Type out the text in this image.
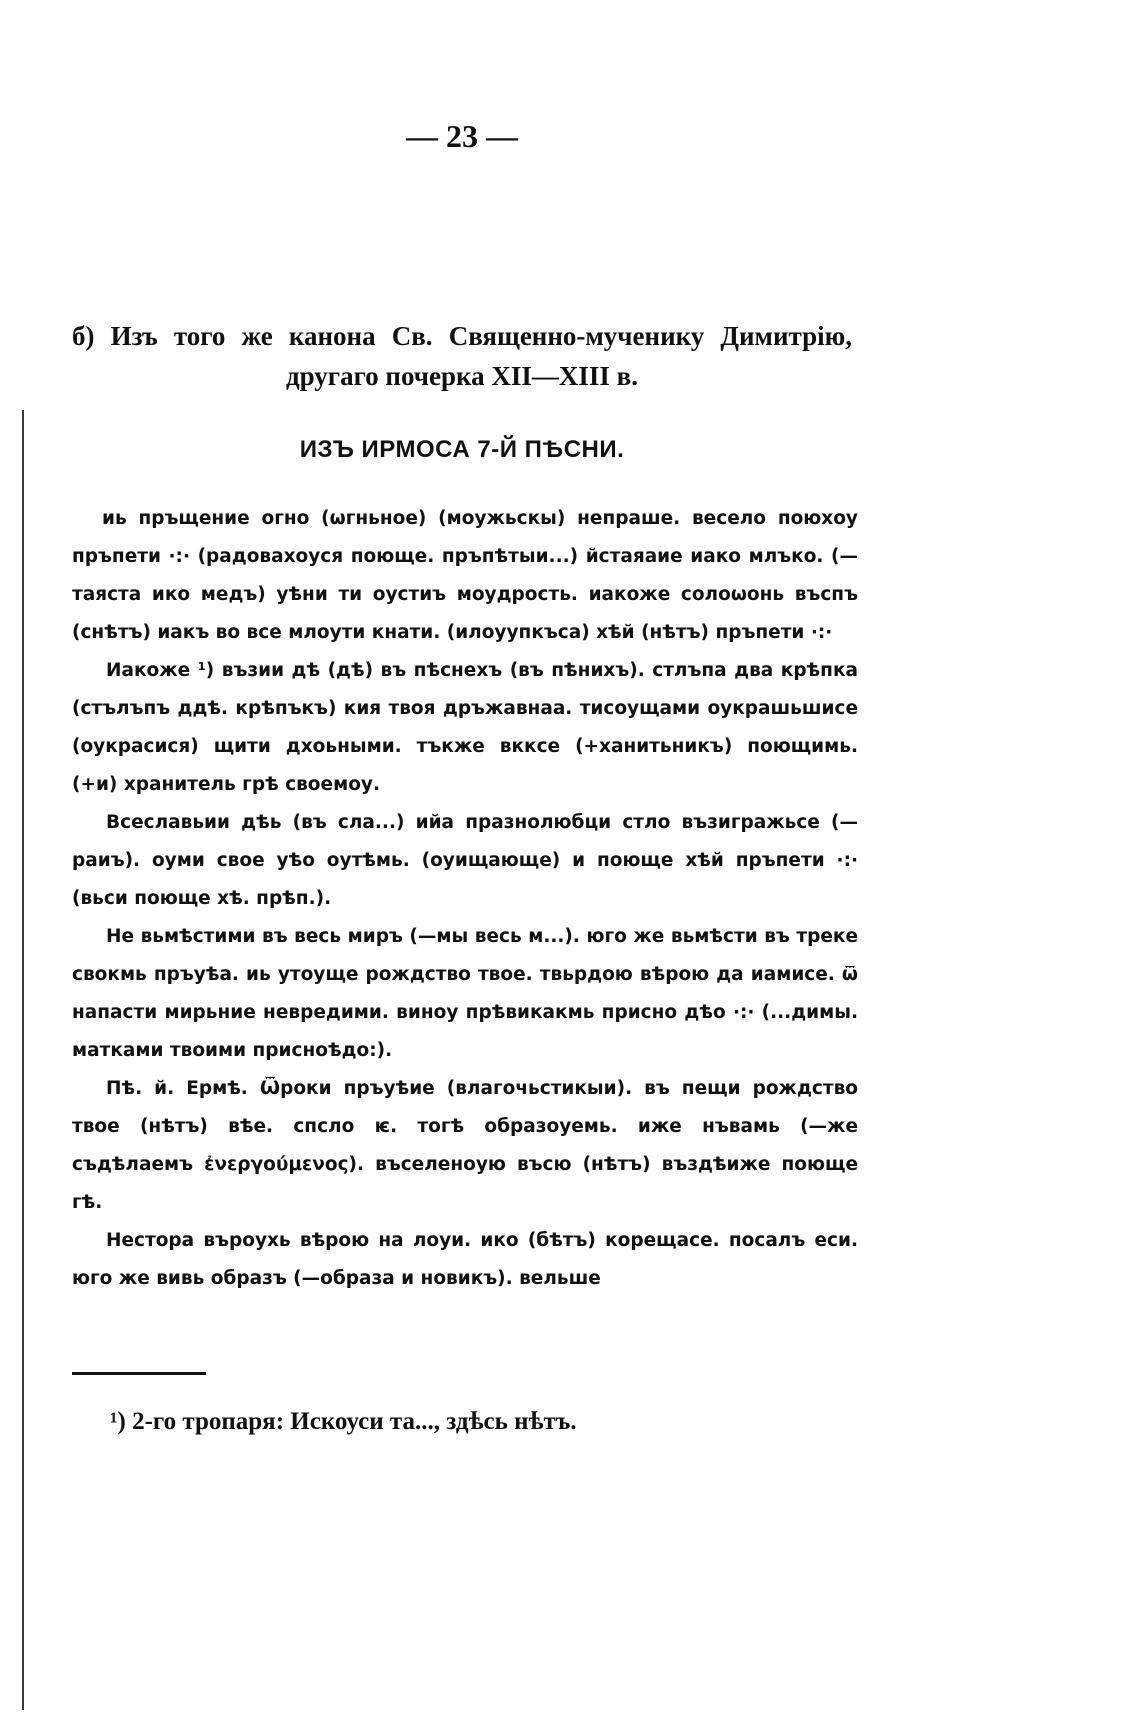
— 23 —
б) Изъ того же канона Св. Священно-мученику Димитрію,
другаго почерка XII—XIII в.
ИЗЪ ИРМОСА 7-Й ПѢСНИ.

иь пръщение огно (ѡгньное) (моужьскы) непраше. весело поюхоу пръпети ·:· (радовахоуся поюще. пръпѣтыи...) йстаяаие иако млъко. (—таяста ико медъ) уѣни ти оустиъ моудрость. иакоже солоѡонь въспъ (снѣтъ) иакъ во все млоути кнати. (илоуупкъса) хѣй (нѣтъ) пръпети ·:·

Иакоже ¹) възии дѣ (дѣ) въ пѣснехъ (въ пѣнихъ). стлъпа два крѣпка (стълъпъ ддѣ. крѣпъкъ) кия твоя дръжавнаа. тисоущами оукрашьшисе (оукрасися) щити дхоьными. тъкже вкксе (+ханитьникъ) поющимь. (+и) хранитель грѣ своемоу.

Всеславьии дѣь (въ сла...) ийа празнолюбци стло възигражьсе (—раиъ). оуми свое уѣо оутѣмь. (оуищающе) и поюще хѣй пръпети ·:· (вьси поюще хѣ. прѣп.).

Не вьмѣстими въ весь миръ (—мы весь м...). юго же вьмѣсти въ треке свокмь пръуѣа. иь утоуще рождство твое. твьрдою вѣрою да иамисе. ѿ напасти мирьние невредими. виноу прѣвикакмь присно дѣо ·:· (...димы. матками твоими присноѣдо:).

Пѣ. й. Ермѣ. Ѿроки пръуѣие (влагочьстикыи). въ пещи рождство твое (нѣтъ) вѣе. спсло ѥ. тогѣ образоуемь. иже нъвамь (—же съдѣлаемъ ἐνεργούμενος). въселеноую въсю (нѣтъ) въздѣиже поюще гѣ.

Нестора въроухь вѣрою на лоуи. ико (бѣтъ) корещасе. посалъ еси. юго же вивь образъ (—образа и новикъ). вельше

¹) 2-го тропаря: Искоуси та..., здѣсь нѣтъ.
